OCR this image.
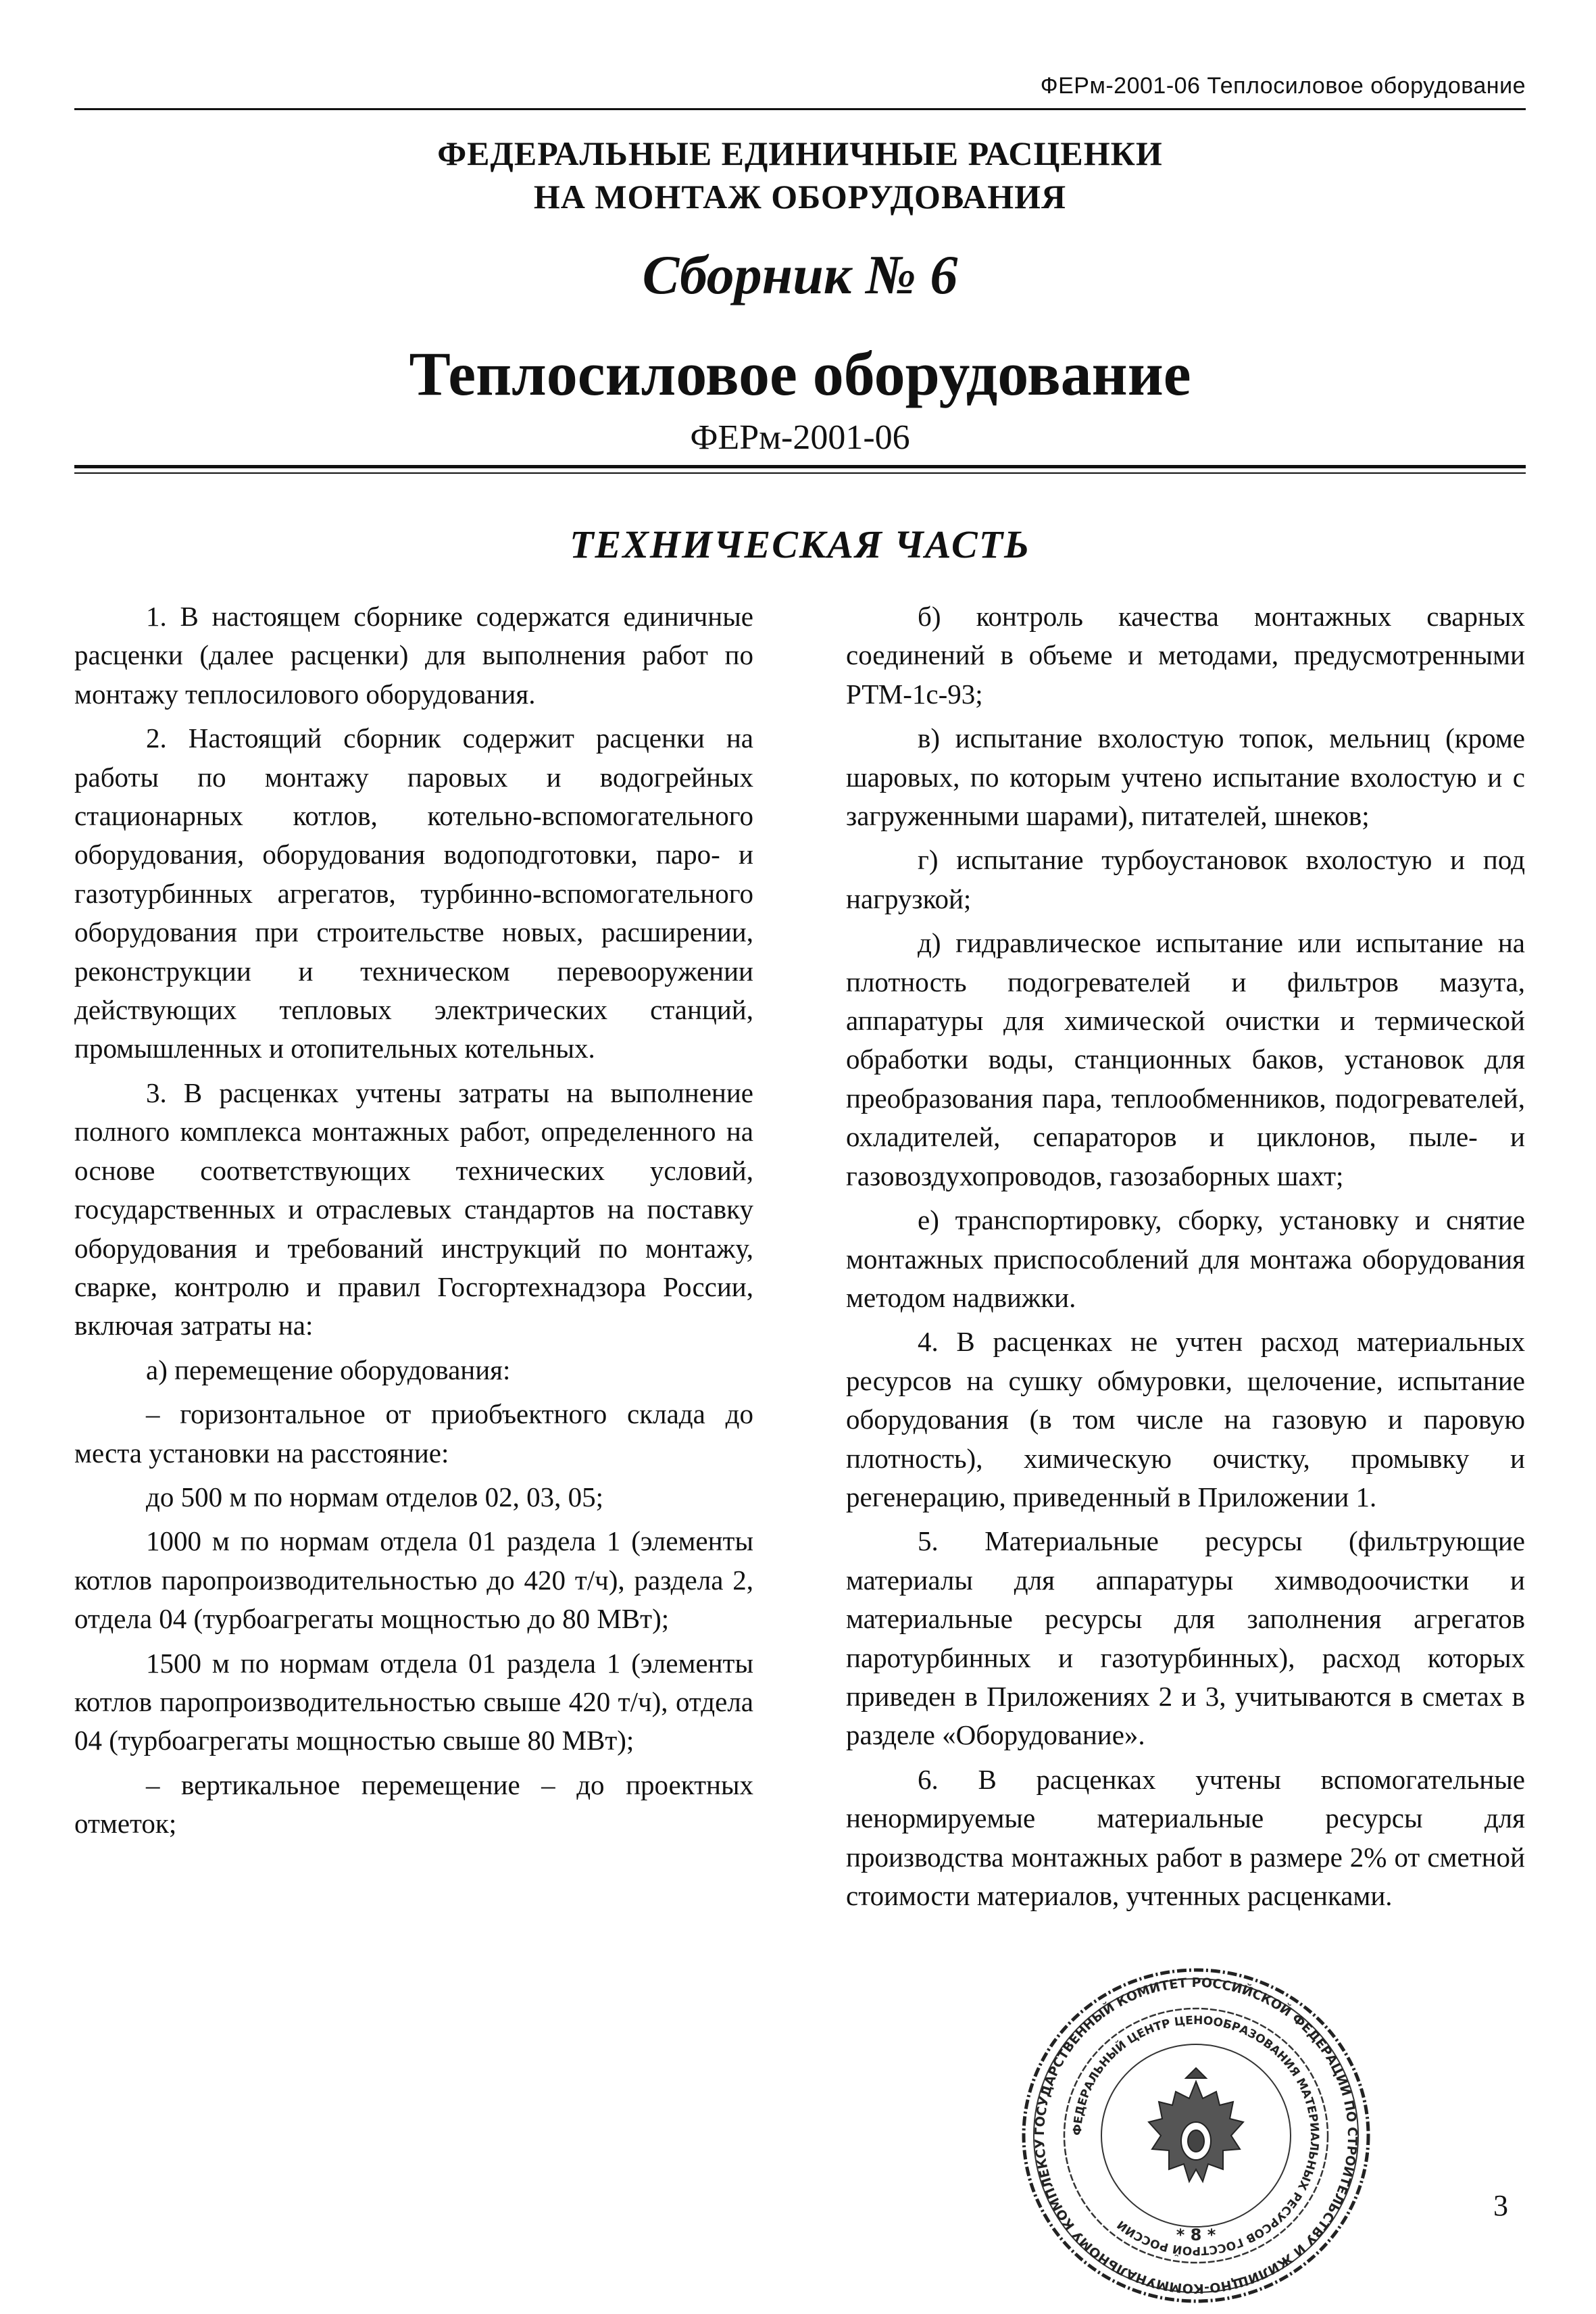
ФЕРм-2001-06 Теплосиловое оборудование
ФЕДЕРАЛЬНЫЕ ЕДИНИЧНЫЕ РАСЦЕНКИ
НА МОНТАЖ ОБОРУДОВАНИЯ
Сборник № 6
Теплосиловое оборудование
ФЕРм-2001-06
ТЕХНИЧЕСКАЯ ЧАСТЬ

1. В настоящем сборнике содержатся единичные расценки (далее расценки) для выполнения работ по монтажу теплосилового оборудования.

2. Настоящий сборник содержит расценки на работы по монтажу паровых и водогрейных стационарных котлов, котельно-вспомогательного оборудования, оборудования водоподготовки, паро- и газотурбинных агрегатов, турбинно-вспомогательного оборудования при строительстве новых, расширении, реконструкции и техническом перевооружении действующих тепловых электрических станций, промышленных и отопительных котельных.

3. В расценках учтены затраты на выполнение полного комплекса монтажных работ, определенного на основе соответствующих технических условий, государственных и отраслевых стандартов на поставку оборудования и требований инструкций по монтажу, сварке, контролю и правил Госгортехнадзора России, включая затраты на:

а) перемещение оборудования:

– горизонтальное от приобъектного склада до места установки на расстояние:

до 500 м по нормам отделов 02, 03, 05;

1000 м по нормам отдела 01 раздела 1 (элементы котлов паропроизводительностью до 420 т/ч), раздела 2, отдела 04 (турбоагрегаты мощностью до 80 МВт);

1500 м по нормам отдела 01 раздела 1 (элементы котлов паропроизводительностью свыше 420 т/ч), отдела 04 (турбоагрегаты мощностью свыше 80 МВт);

– вертикальное перемещение – до проектных отметок;

б) контроль качества монтажных сварных соединений в объеме и методами, предусмотренными РТМ-1с-93;

в) испытание вхолостую топок, мельниц (кроме шаровых, по которым учтено испытание вхолостую и с загруженными шарами), питателей, шнеков;

г) испытание турбоустановок вхолостую и под нагрузкой;

д) гидравлическое испытание или испытание на плотность подогревателей и фильтров мазута, аппаратуры для химической очистки и термической обработки воды, станционных баков, установок для преобразования пара, теплообменников, подогревателей, охладителей, сепараторов и циклонов, пыле- и газовоздухопроводов, газозаборных шахт;

е) транспортировку, сборку, установку и снятие монтажных приспособлений для монтажа оборудования методом надвижки.

4. В расценках не учтен расход материальных ресурсов на сушку обмуровки, щелочение, испытание оборудования (в том числе на газовую и паровую плотность), химическую очистку, промывку и регенерацию, приведенный в Приложении 1.

5. Материальные ресурсы (фильтрующие материалы для аппаратуры химводоочистки и материальные ресурсы для заполнения агрегатов паротурбинных и газотурбинных), расход которых приведен в Приложениях 2 и 3, учитываются в сметах в разделе «Оборудование».

6. В расценках учтены вспомогательные ненормируемые материальные ресурсы для производства монтажных работ в размере 2% от сметной стоимости материалов, учтенных расценками.

ГОСУДАРСТВЕННЫЙ КОМИТЕТ РОССИЙСКОЙ ФЕДЕРАЦИИ ПО СТРОИТЕЛЬСТВУ И ЖИЛИЩНО-КОММУНАЛЬНОМУ КОМПЛЕКСУ
ФЕДЕРАЛЬНЫЙ ЦЕНТР ЦЕНООБРАЗОВАНИЯ МАТЕРИАЛЬНЫХ РЕСУРСОВ ГОССТРОЙ РОССИИ	* 8 *
3
